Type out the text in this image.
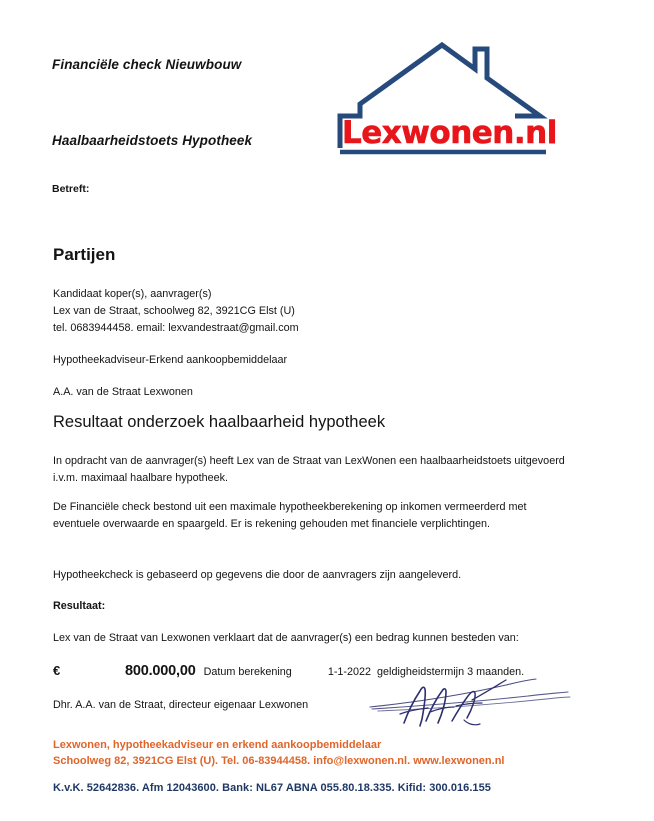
Financiële check Nieuwbouw
Haalbaarheidstoets Hypotheek

Betreft:

Lexwonen.nl
Partijen

Kandidaat koper(s), aanvrager(s)

Lex van de Straat, schoolweg 82, 3921CG Elst (U)

tel. 0683944458. email: lexvandestraat@gmail.com

Hypotheekadviseur-Erkend aankoopbemiddelaar

A.A. van de Straat Lexwonen

Resultaat onderzoek haalbaarheid hypotheek

In opdracht van de aanvrager(s) heeft Lex van de Straat van LexWonen een haalbaarheidstoets uitgevoerd i.v.m. maximaal haalbare hypotheek.

De Financiële check bestond uit een maximale hypotheekberekening op inkomen vermeerderd met eventuele overwaarde en spaargeld. Er is rekening gehouden met financiele verplichtingen.

Hypotheekcheck is gebaseerd op gegevens die door de aanvragers zijn aangeleverd.

Resultaat:

Lex van de Straat van Lexwonen verklaart dat de aanvrager(s) een bedrag kunnen besteden van:

€	800.000,00 Datum berekening	1-1-2022 geldigheidstermijn 3 maanden.

Dhr. A.A. van de Straat, directeur eigenaar Lexwonen

Lexwonen, hypotheekadviseur en erkend aankoopbemiddelaar

Schoolweg 82, 3921CG Elst (U). Tel. 06-83944458. info@lexwonen.nl. www.lexwonen.nl

K.v.K. 52642836. Afm 12043600. Bank: NL67 ABNA 055.80.18.335. Kifid: 300.016.155
